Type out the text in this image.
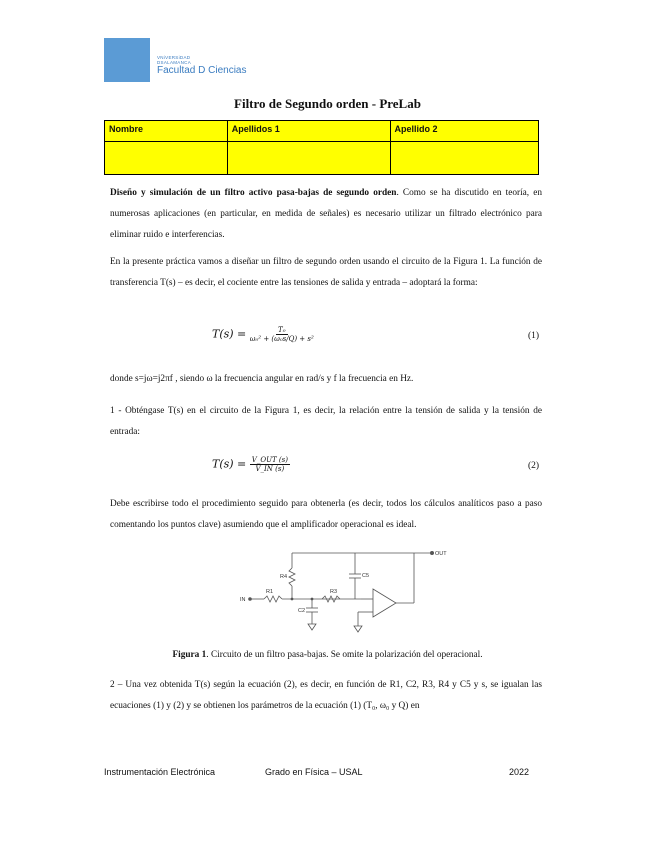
VNiVERSiDAD
DSALAMANCA
Facultad D Ciencias
Filtro de Segundo orden - PreLab
Nombre	Apellidos 1	Apellido 2

Diseño y simulación de un filtro activo pasa-bajas de segundo orden. Como se ha discutido en teoría, en numerosas aplicaciones (en particular, en medida de señales) es necesario utilizar un filtrado electrónico para eliminar ruido e interferencias.
En la presente práctica vamos a diseñar un filtro de segundo orden usando el circuito de la Figura 1. La función de transferencia T(s) – es decir, el cociente entre las tensiones de salida y entrada – adoptará la forma:
$T(s) = \frac{\text{T₀}}{\text{ω₀² + (ω₀s/Q) + s²}}$	(1)
donde s=jω=j2πf , siendo ω la frecuencia angular en rad/s y f la frecuencia en Hz.
1 - Obténgase T(s) en el circuito de la Figura 1, es decir, la relación entre la tensión de salida y la tensión de entrada:
$T(s) = \frac{\text{V\_OUT (s)}}{V\_IN (s)}$	(2)
Debe escribirse todo el procedimiento seguido para obtenerla (es decir, todos los cálculos analíticos paso a paso comentando los puntos clave) asumiendo que el amplificador operacional es ideal.
OUT
IN
R1
R4	C5
C2
R3
Figura 1. Circuito de un filtro pasa-bajas. Se omite la polarización del operacional.
2 – Una vez obtenida T(s) según la ecuación (2), es decir, en función de R1, C2, R3, R4 y C5 y s, se igualan las ecuaciones (1) y (2) y se obtienen los parámetros de la ecuación (1) (T₀, ω₀ y Q) en
Instrumentación Electrónica	Grado en Física – USAL	2022
